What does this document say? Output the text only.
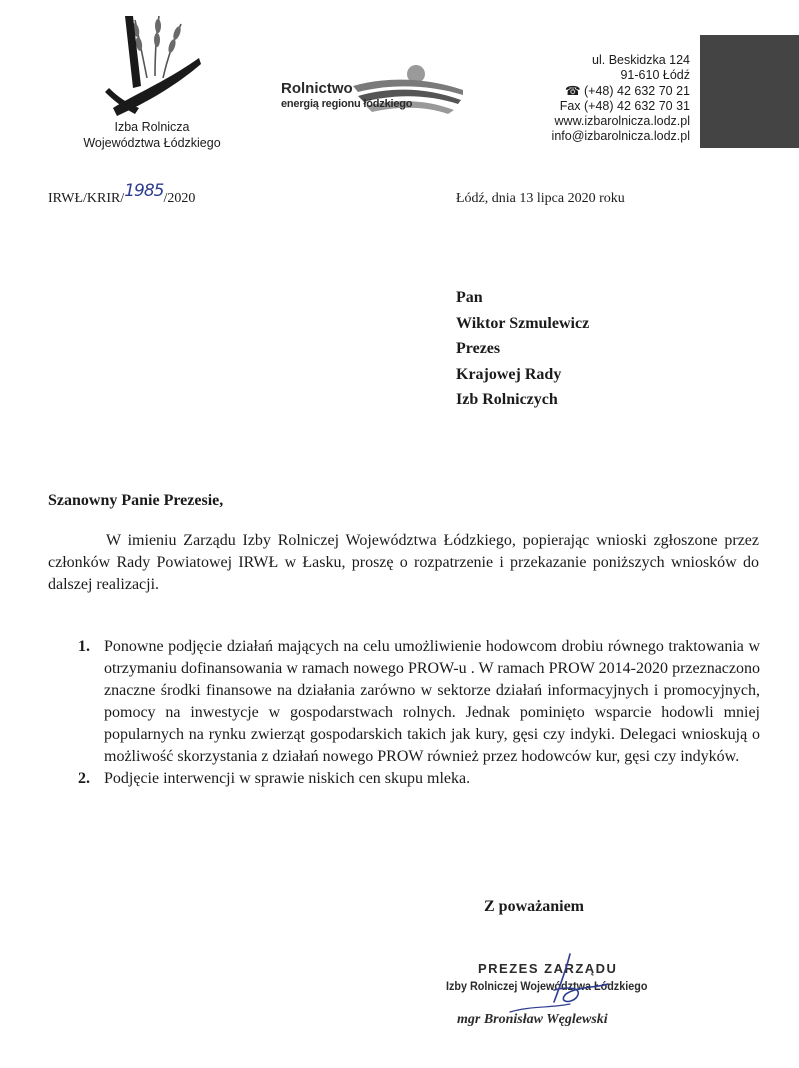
Izba Rolnicza
Województwa Łódzkiego
Rolnictwo
energią regionu łódzkiego
ul. Beskidzka 124
91-610 Łódź
☎ (+48) 42 632 70 21
Fax (+48) 42 632 70 31
www.izbarolnicza.lodz.pl
info@izbarolnicza.lodz.pl
IRWŁ/KRIR/1985/2020	Łódź, dnia 13 lipca 2020 roku
Pan
Wiktor Szmulewicz
Prezes
Krajowej Rady
Izb Rolniczych
Szanowny Panie Prezesie,

W imieniu Zarządu Izby Rolniczej Województwa Łódzkiego, popierając wnioski zgłoszone przez członków Rady Powiatowej IRWŁ w Łasku, proszę o rozpatrzenie i przekazanie poniższych wniosków do dalszej realizacji.

1. Ponowne podjęcie działań mających na celu umożliwienie hodowcom drobiu równego traktowania w otrzymaniu dofinansowania w ramach nowego PROW-u . W ramach PROW 2014-2020 przeznaczono znaczne środki finansowe na działania zarówno w sektorze działań informacyjnych i promocyjnych, pomocy na inwestycje w gospodarstwach rolnych. Jednak pominięto wsparcie hodowli mniej popularnych na rynku zwierząt gospodarskich takich jak kury, gęsi czy indyki. Delegaci wnioskują o możliwość skorzystania z działań nowego PROW również przez hodowców kur, gęsi czy indyków.
2. Podjęcie interwencji w sprawie niskich cen skupu mleka.
Z poważaniem
PREZES ZARZĄDU
Izby Rolniczej Województwa Łódzkiego
mgr Bronisław Węglewski
